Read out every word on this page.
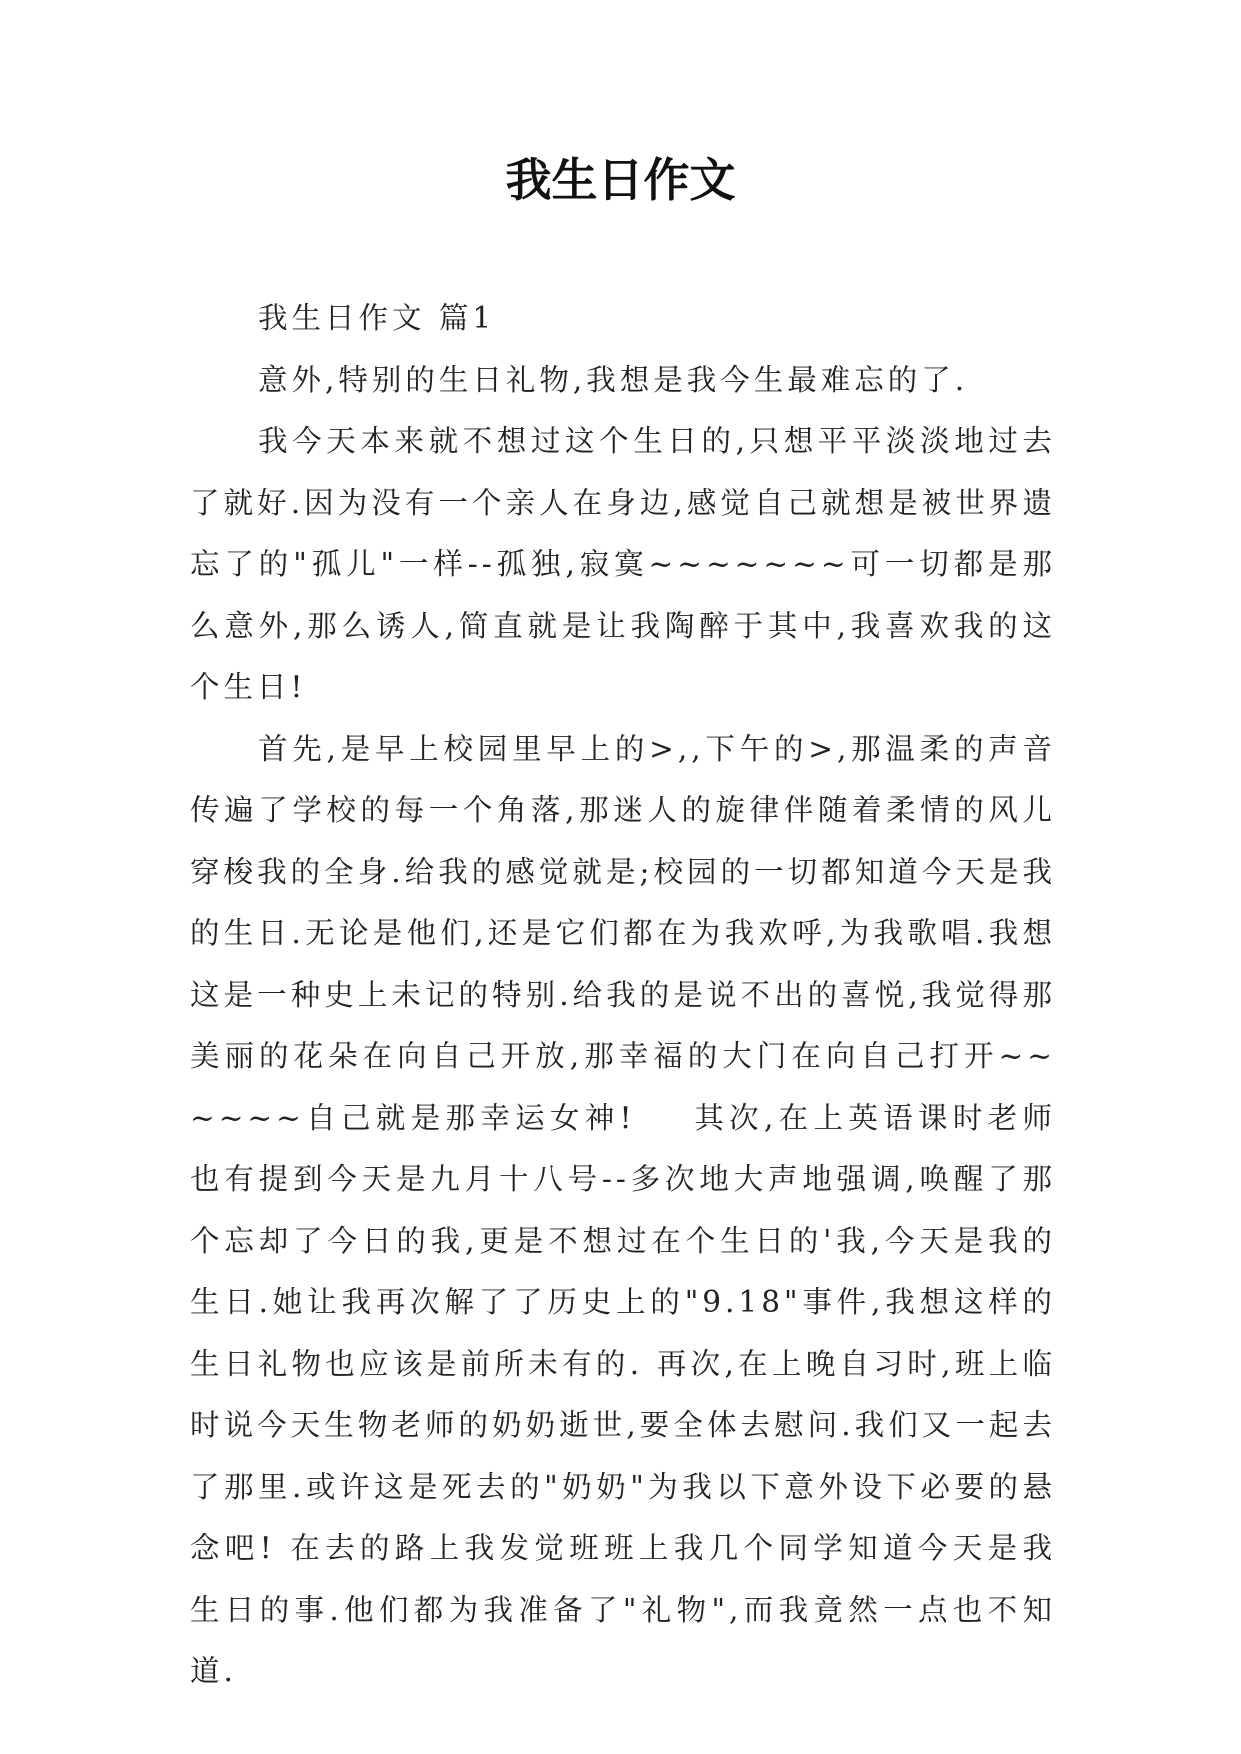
我生日作文

我生日作文 篇1

意外,特别的生日礼物,我想是我今生最难忘的了.

我今天本来就不想过这个生日的,只想平平淡淡地过去了就好.因为没有一个亲人在身边,感觉自己就想是被世界遗忘了的"孤儿"一样--孤独,寂寞~~~~~~~可一切都是那么意外,那么诱人,简直就是让我陶醉于其中,我喜欢我的这个生日!

首先,是早上校园里早上的>,,下午的>,那温柔的声音传遍了学校的每一个角落,那迷人的旋律伴随着柔情的风儿穿梭我的全身.给我的感觉就是;校园的一切都知道今天是我的生日.无论是他们,还是它们都在为我欢呼,为我歌唱.我想这是一种史上未记的特别.给我的是说不出的喜悦,我觉得那美丽的花朵在向自己开放,那幸福的大门在向自己打开~~~~~~自己就是那幸运女神!    其次,在上英语课时老师也有提到今天是九月十八号--多次地大声地强调,唤醒了那个忘却了今日的我,更是不想过在个生日的'我,今天是我的生日.她让我再次解了了历史上的"9.18"事件,我想这样的生日礼物也应该是前所未有的. 再次,在上晚自习时,班上临时说今天生物老师的奶奶逝世,要全体去慰问.我们又一起去了那里.或许这是死去的"奶奶"为我以下意外设下必要的悬念吧! 在去的路上我发觉班班上我几个同学知道今天是我生日的事.他们都为我准备了"礼物",而我竟然一点也不知道.
